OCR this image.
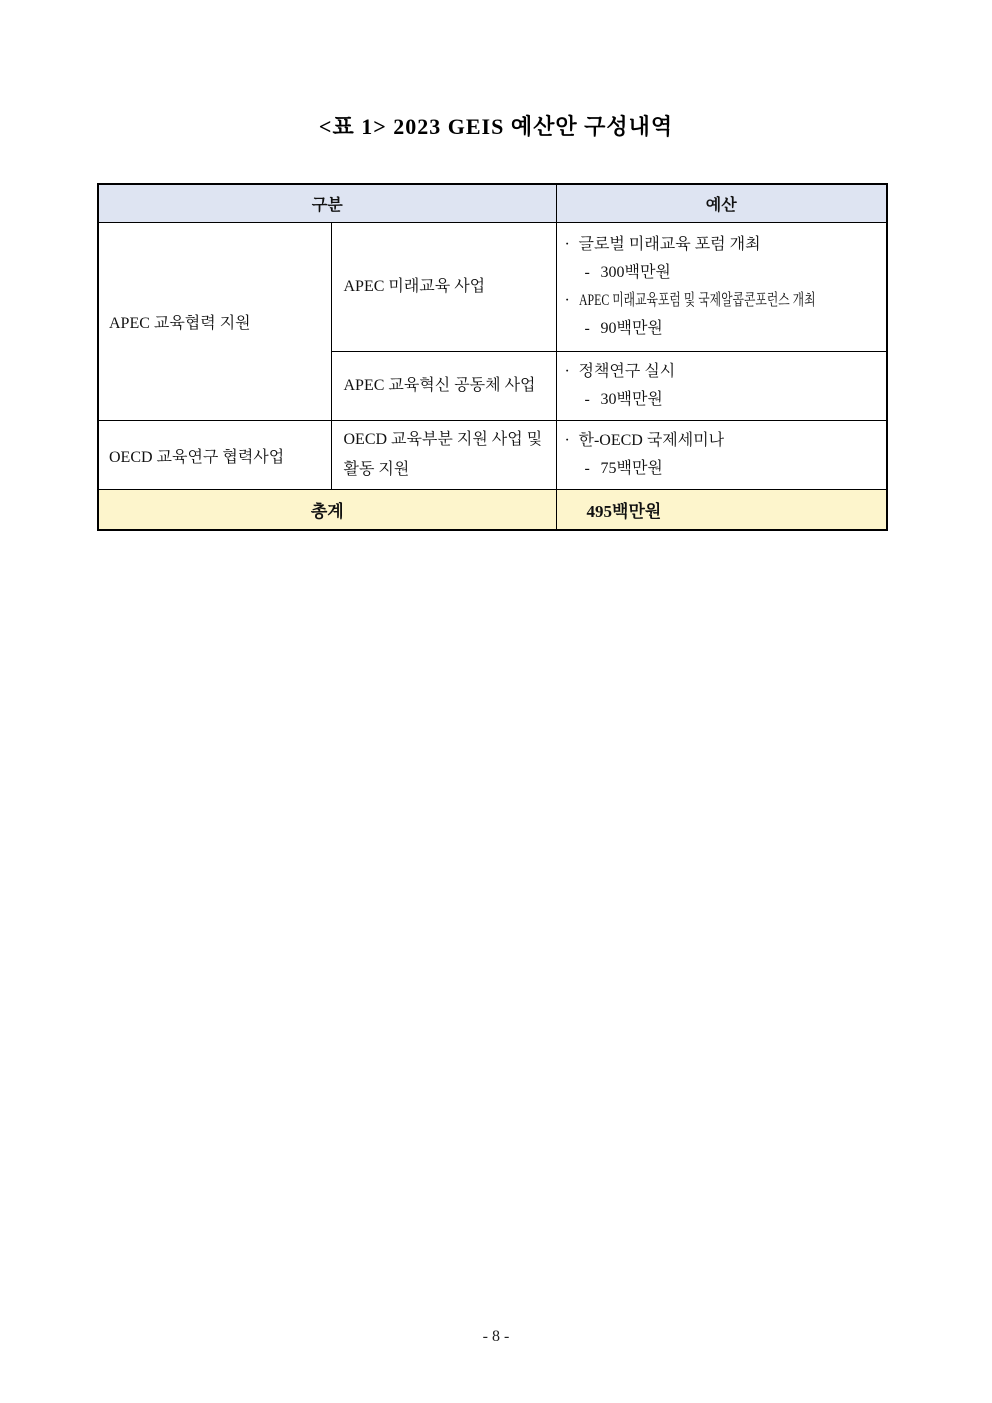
<표 1> 2023 GEIS 예산안 구성내역
구분		예산
APEC 교육협력 지원	APEC 미래교육 사업	· 글로벌 미래교육 포럼 개최
- 300백만원
· APEC 미래교육포럼 및 국제알콥콘포런스 개최
- 90백만원

	APEC 교육혁신 공동체 사업	· 정책연구 실시
- 30백만원

OECD 교육연구 협력사업	OECD 교육부분 지원 사업 및 활동 지원	· 한-OECD 국제세미나
- 75백만원

총계		495백만원
- 8 -
